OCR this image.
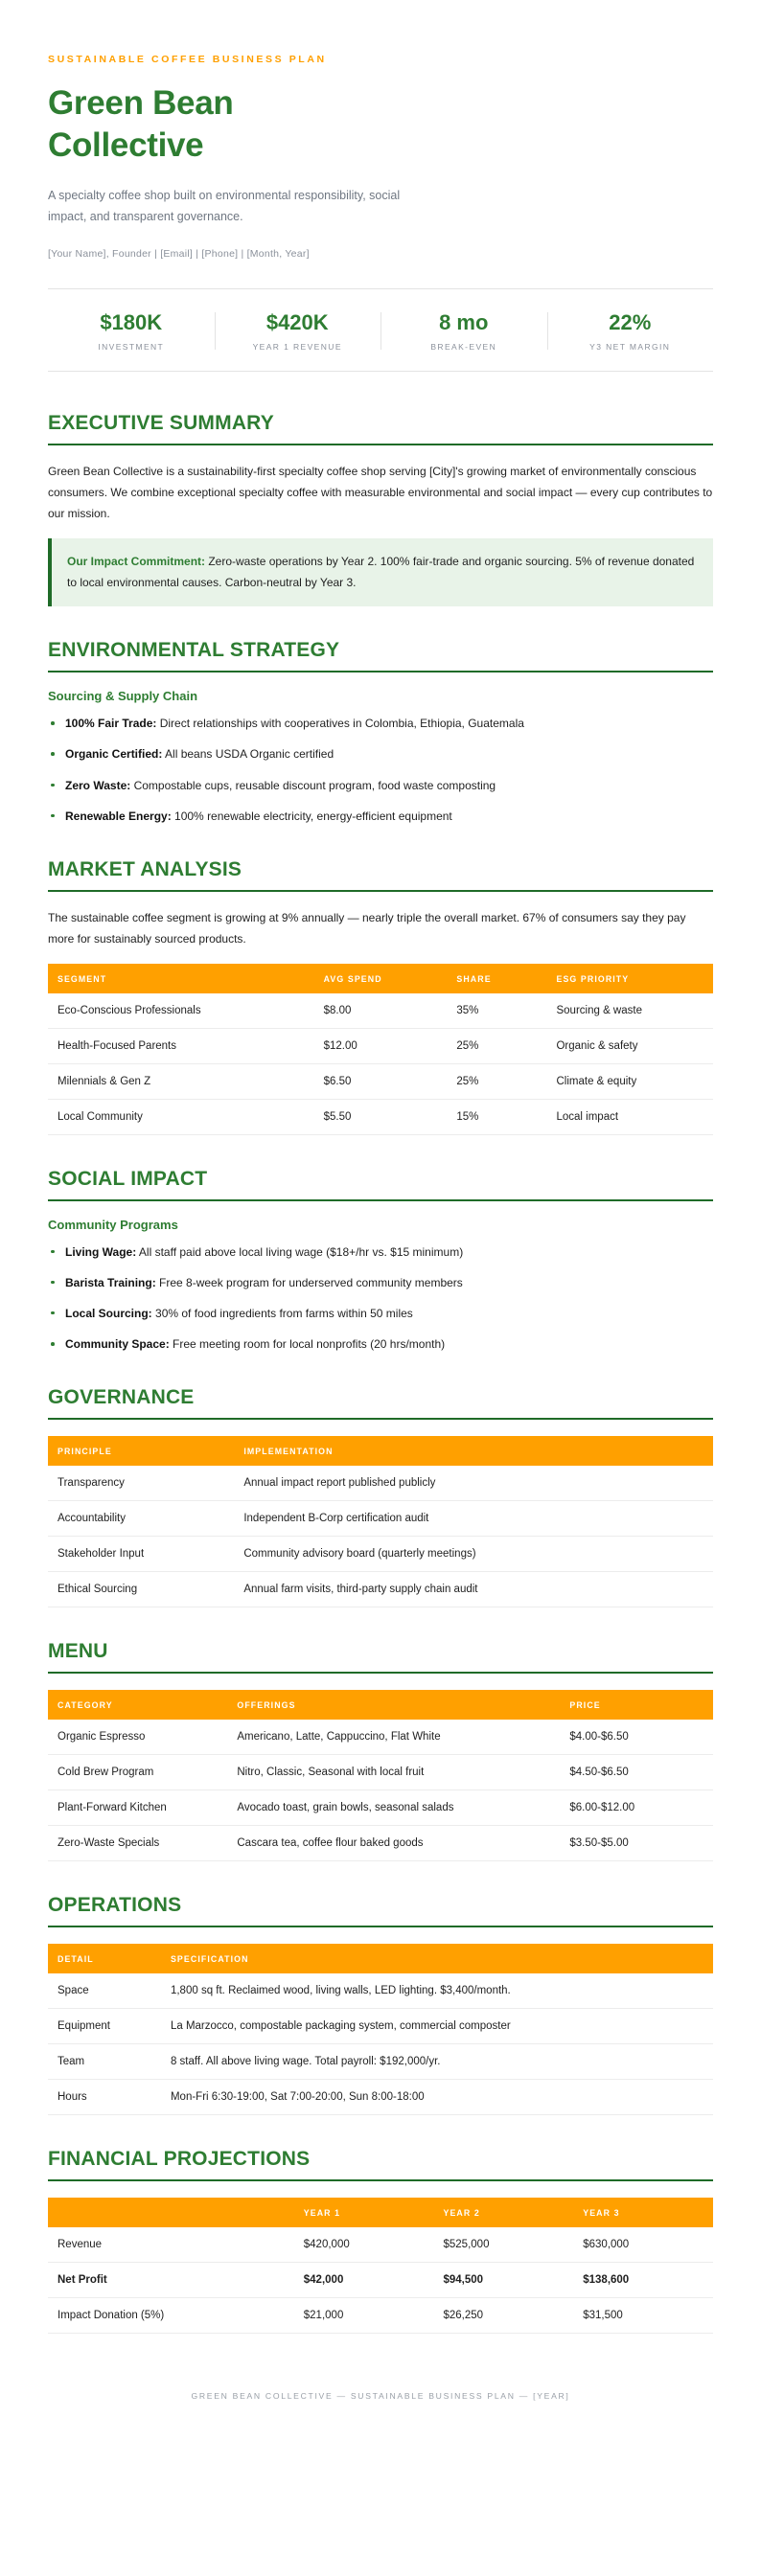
SUSTAINABLE COFFEE BUSINESS PLAN

Green Bean Collective

A specialty coffee shop built on environmental responsibility, social impact, and transparent governance.

[Your Name], Founder | [Email] | [Phone] | [Month, Year]

$180K
INVESTMENT
$420K
YEAR 1 REVENUE
8 mo
BREAK-EVEN
22%
Y3 NET MARGIN
EXECUTIVE SUMMARY

Green Bean Collective is a sustainability-first specialty coffee shop serving [City]'s growing market of environmentally conscious consumers. We combine exceptional specialty coffee with measurable environmental and social impact — every cup contributes to our mission.

Our Impact Commitment: Zero-waste operations by Year 2. 100% fair-trade and organic sourcing. 5% of revenue donated to local environmental causes. Carbon-neutral by Year 3.
ENVIRONMENTAL STRATEGY
Sourcing & Supply Chain
100% Fair Trade: Direct relationships with cooperatives in Colombia, Ethiopia, Guatemala
Organic Certified: All beans USDA Organic certified
Zero Waste: Compostable cups, reusable discount program, food waste composting
Renewable Energy: 100% renewable electricity, energy-efficient equipment
MARKET ANALYSIS

The sustainable coffee segment is growing at 9% annually — nearly triple the overall market. 67% of consumers say they pay more for sustainably sourced products.

SEGMENT	AVG SPEND	SHARE	ESG PRIORITY
Eco-Conscious Professionals	$8.00	35%	Sourcing & waste
Health-Focused Parents	$12.00	25%	Organic & safety
Milennials & Gen Z	$6.50	25%	Climate & equity
Local Community	$5.50	15%	Local impact
SOCIAL IMPACT
Community Programs
Living Wage: All staff paid above local living wage ($18+/hr vs. $15 minimum)
Barista Training: Free 8-week program for underserved community members
Local Sourcing: 30% of food ingredients from farms within 50 miles
Community Space: Free meeting room for local nonprofits (20 hrs/month)
GOVERNANCE
PRINCIPLE	IMPLEMENTATION
Transparency	Annual impact report published publicly
Accountability	Independent B-Corp certification audit
Stakeholder Input	Community advisory board (quarterly meetings)
Ethical Sourcing	Annual farm visits, third-party supply chain audit
MENU
CATEGORY	OFFERINGS	PRICE
Organic Espresso	Americano, Latte, Cappuccino, Flat White	$4.00-$6.50
Cold Brew Program	Nitro, Classic, Seasonal with local fruit	$4.50-$6.50
Plant-Forward Kitchen	Avocado toast, grain bowls, seasonal salads	$6.00-$12.00
Zero-Waste Specials	Cascara tea, coffee flour baked goods	$3.50-$5.00
OPERATIONS
DETAIL	SPECIFICATION
Space	1,800 sq ft. Reclaimed wood, living walls, LED lighting. $3,400/month.
Equipment	La Marzocco, compostable packaging system, commercial composter
Team	8 staff. All above living wage. Total payroll: $192,000/yr.
Hours	Mon-Fri 6:30-19:00, Sat 7:00-20:00, Sun 8:00-18:00
FINANCIAL PROJECTIONS
	YEAR 1	YEAR 2	YEAR 3
Revenue	$420,000	$525,000	$630,000
Net Profit	$42,000	$94,500	$138,600
Impact Donation (5%)	$21,000	$26,250	$31,500
GREEN BEAN COLLECTIVE — SUSTAINABLE BUSINESS PLAN — [YEAR]
